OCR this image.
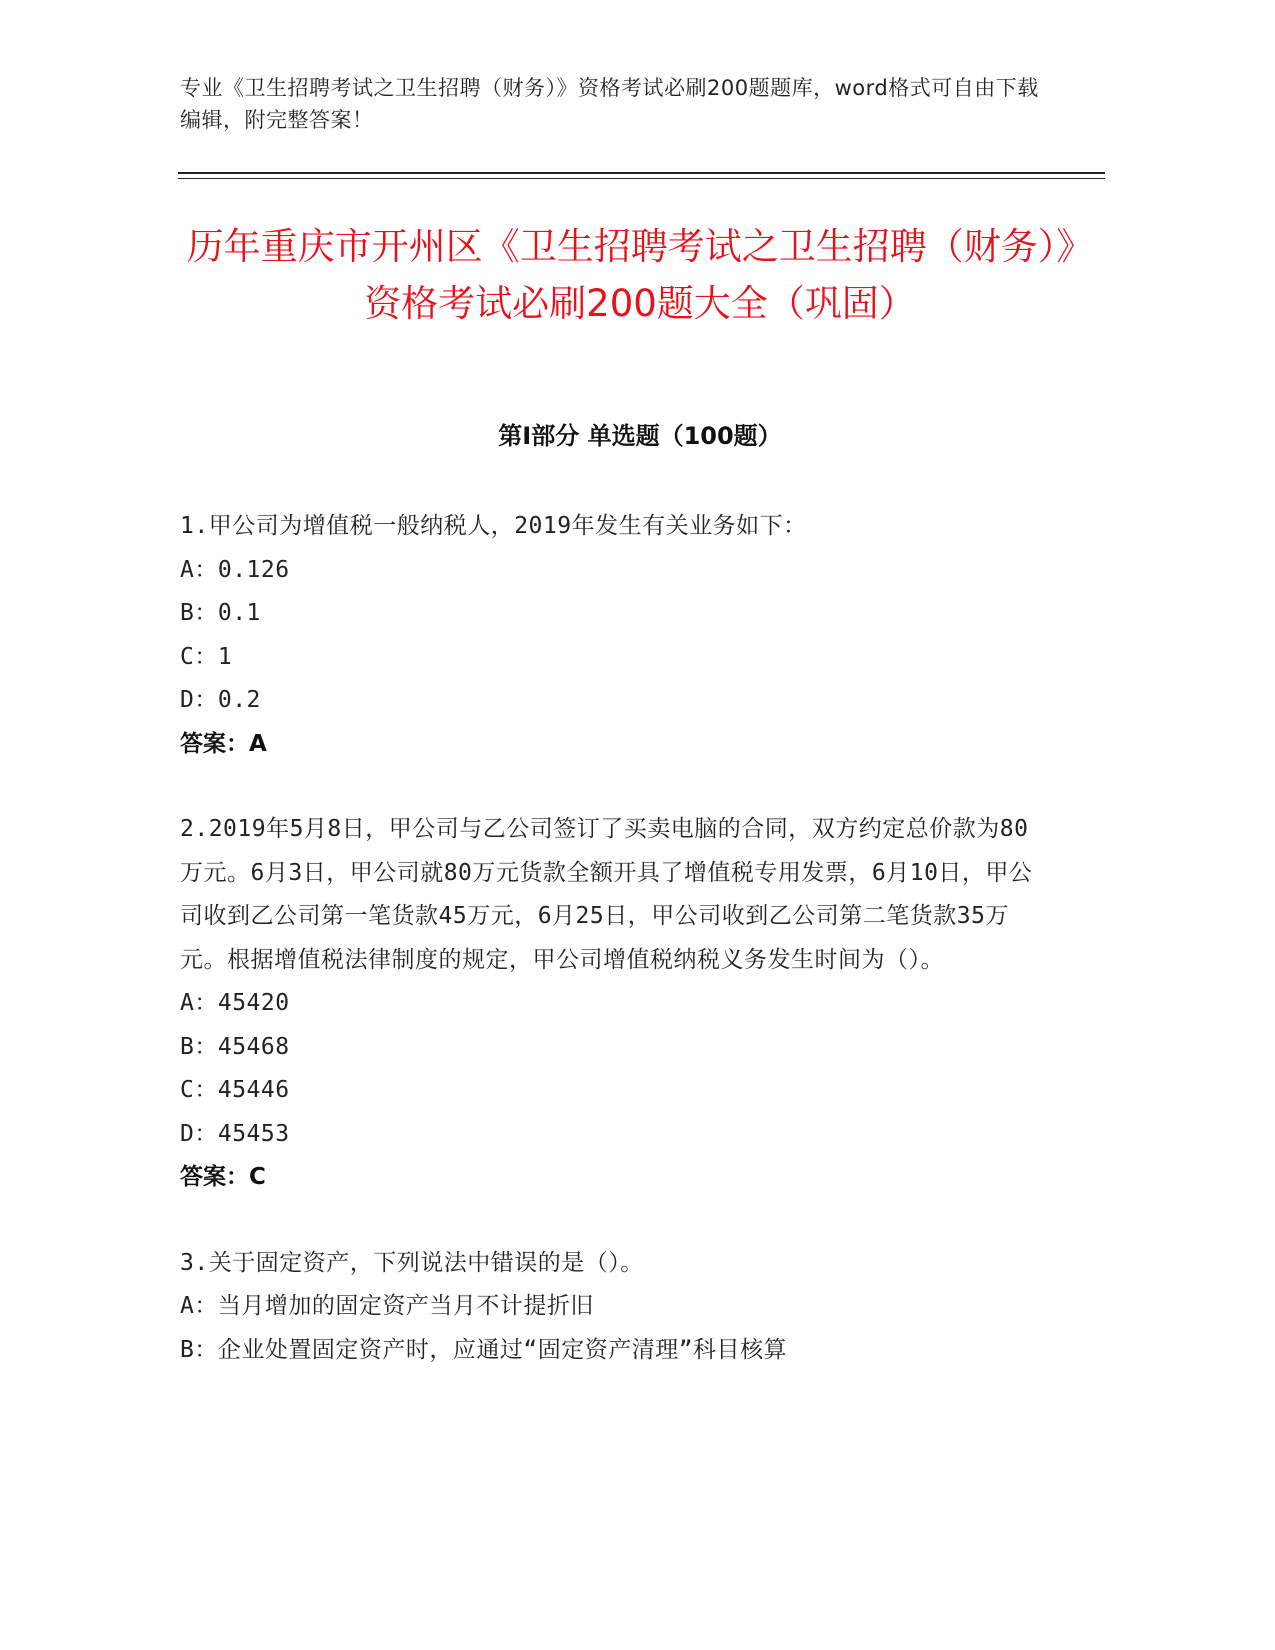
专业《卫生招聘考试之卫生招聘（财务）》资格考试必刷200题题库，word格式可自由下载编辑，附完整答案！
历年重庆市开州区《卫生招聘考试之卫生招聘（财务）》资格考试必刷200题大全（巩固）
第I部分 单选题（100题）

1.甲公司为增值税一般纳税人，2019年发生有关业务如下：

A：0.126

B：0.1

C：1

D：0.2

答案：A

2.2019年5月8日，甲公司与乙公司签订了买卖电脑的合同，双方约定总价款为80万元。6月3日，甲公司就80万元货款全额开具了增值税专用发票，6月10日，甲公司收到乙公司第一笔货款45万元，6月25日，甲公司收到乙公司第二笔货款35万元。根据增值税法律制度的规定，甲公司增值税纳税义务发生时间为（）。

A：45420

B：45468

C：45446

D：45453

答案：C

3.关于固定资产，下列说法中错误的是（）。

A：当月增加的固定资产当月不计提折旧

B：企业处置固定资产时，应通过“固定资产清理”科目核算
